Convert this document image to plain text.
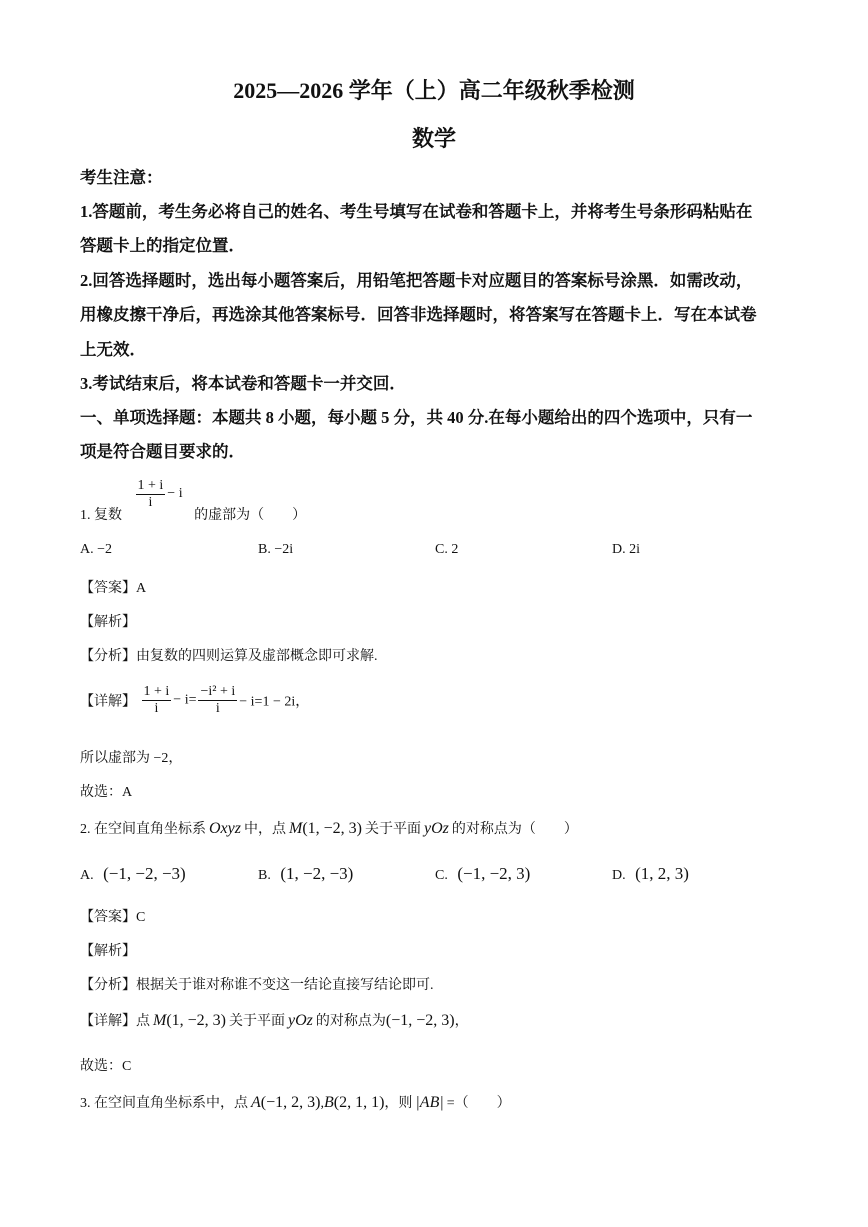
2025—2026 学年（上）高二年级秋季检测
数学
考生注意：
1.答题前，考生务必将自己的姓名、考生号填写在试卷和答题卡上，并将考生号条形码粘贴在
答题卡上的指定位置．
2.回答选择题时，选出每小题答案后，用铅笔把答题卡对应题目的答案标号涂黑．如需改动，
用橡皮擦干净后，再选涂其他答案标号．回答非选择题时，将答案写在答题卡上．写在本试卷
上无效．
3.考试结束后，将本试卷和答题卡一并交回．
一、单项选择题：本题共 8 小题，每小题 5 分，共 40 分.在每小题给出的四个选项中，只有一
项是符合题目要求的．
1. 复数
$\frac{1 + i}{i} - i$ 的虚部为（　　）
A. −2	B. −2i	C. 2	D. 2i
【答案】A
【解析】
【分析】由复数的四则运算及虚部概念即可求解.
【详解】 $\frac{1 + i}{i} - i= \frac{\text{−i² + i}}{i} - i=1 - 2i$，
所以虚部为 −2，
故选：A
2. 在空间直角坐标系 Oxyz 中，点 M(1, −2, 3) 关于平面 yOz 的对称点为（　　）
A. (−1, −2, −3)	B. (1, −2, −3)	C. (−1, −2, 3)	D. (1, 2, 3)
【答案】C
【解析】
【分析】根据关于谁对称谁不变这一结论直接写结论即可.
【详解】点 M(1, −2, 3) 关于平面 yOz 的对称点为(−1, −2, 3)，
故选：C
3. 在空间直角坐标系中，点 A(−1, 2, 3),B(2, 1, 1)，则 |AB| =（　　）
